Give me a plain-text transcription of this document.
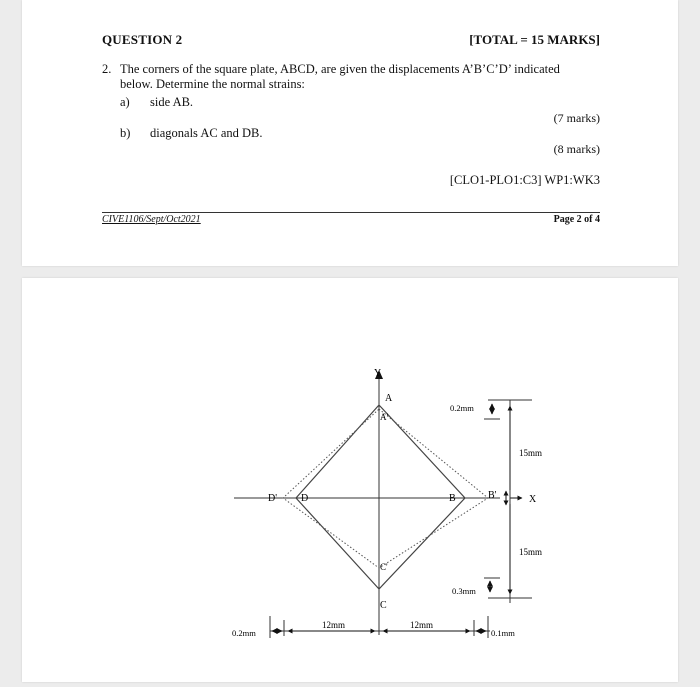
QUESTION 2	[TOTAL = 15 MARKS]
2. The corners of the square plate, ABCD, are given the displacements A’B’C’D’ indicated
below. Determine the normal strains:
a) side AB.
(7 marks)
b) diagonals AC and DB.
(8 marks)
[CLO1-PLO1:C3] WP1:WK3
CIVE1106/Sept/Oct2021	Page 2 of 4
Y
A
A'
B	B'
C'
C
D
D'	X
0.2mm
15mm
15mm
0.3mm
0.2mm
12mm	12mm
0.1mm
